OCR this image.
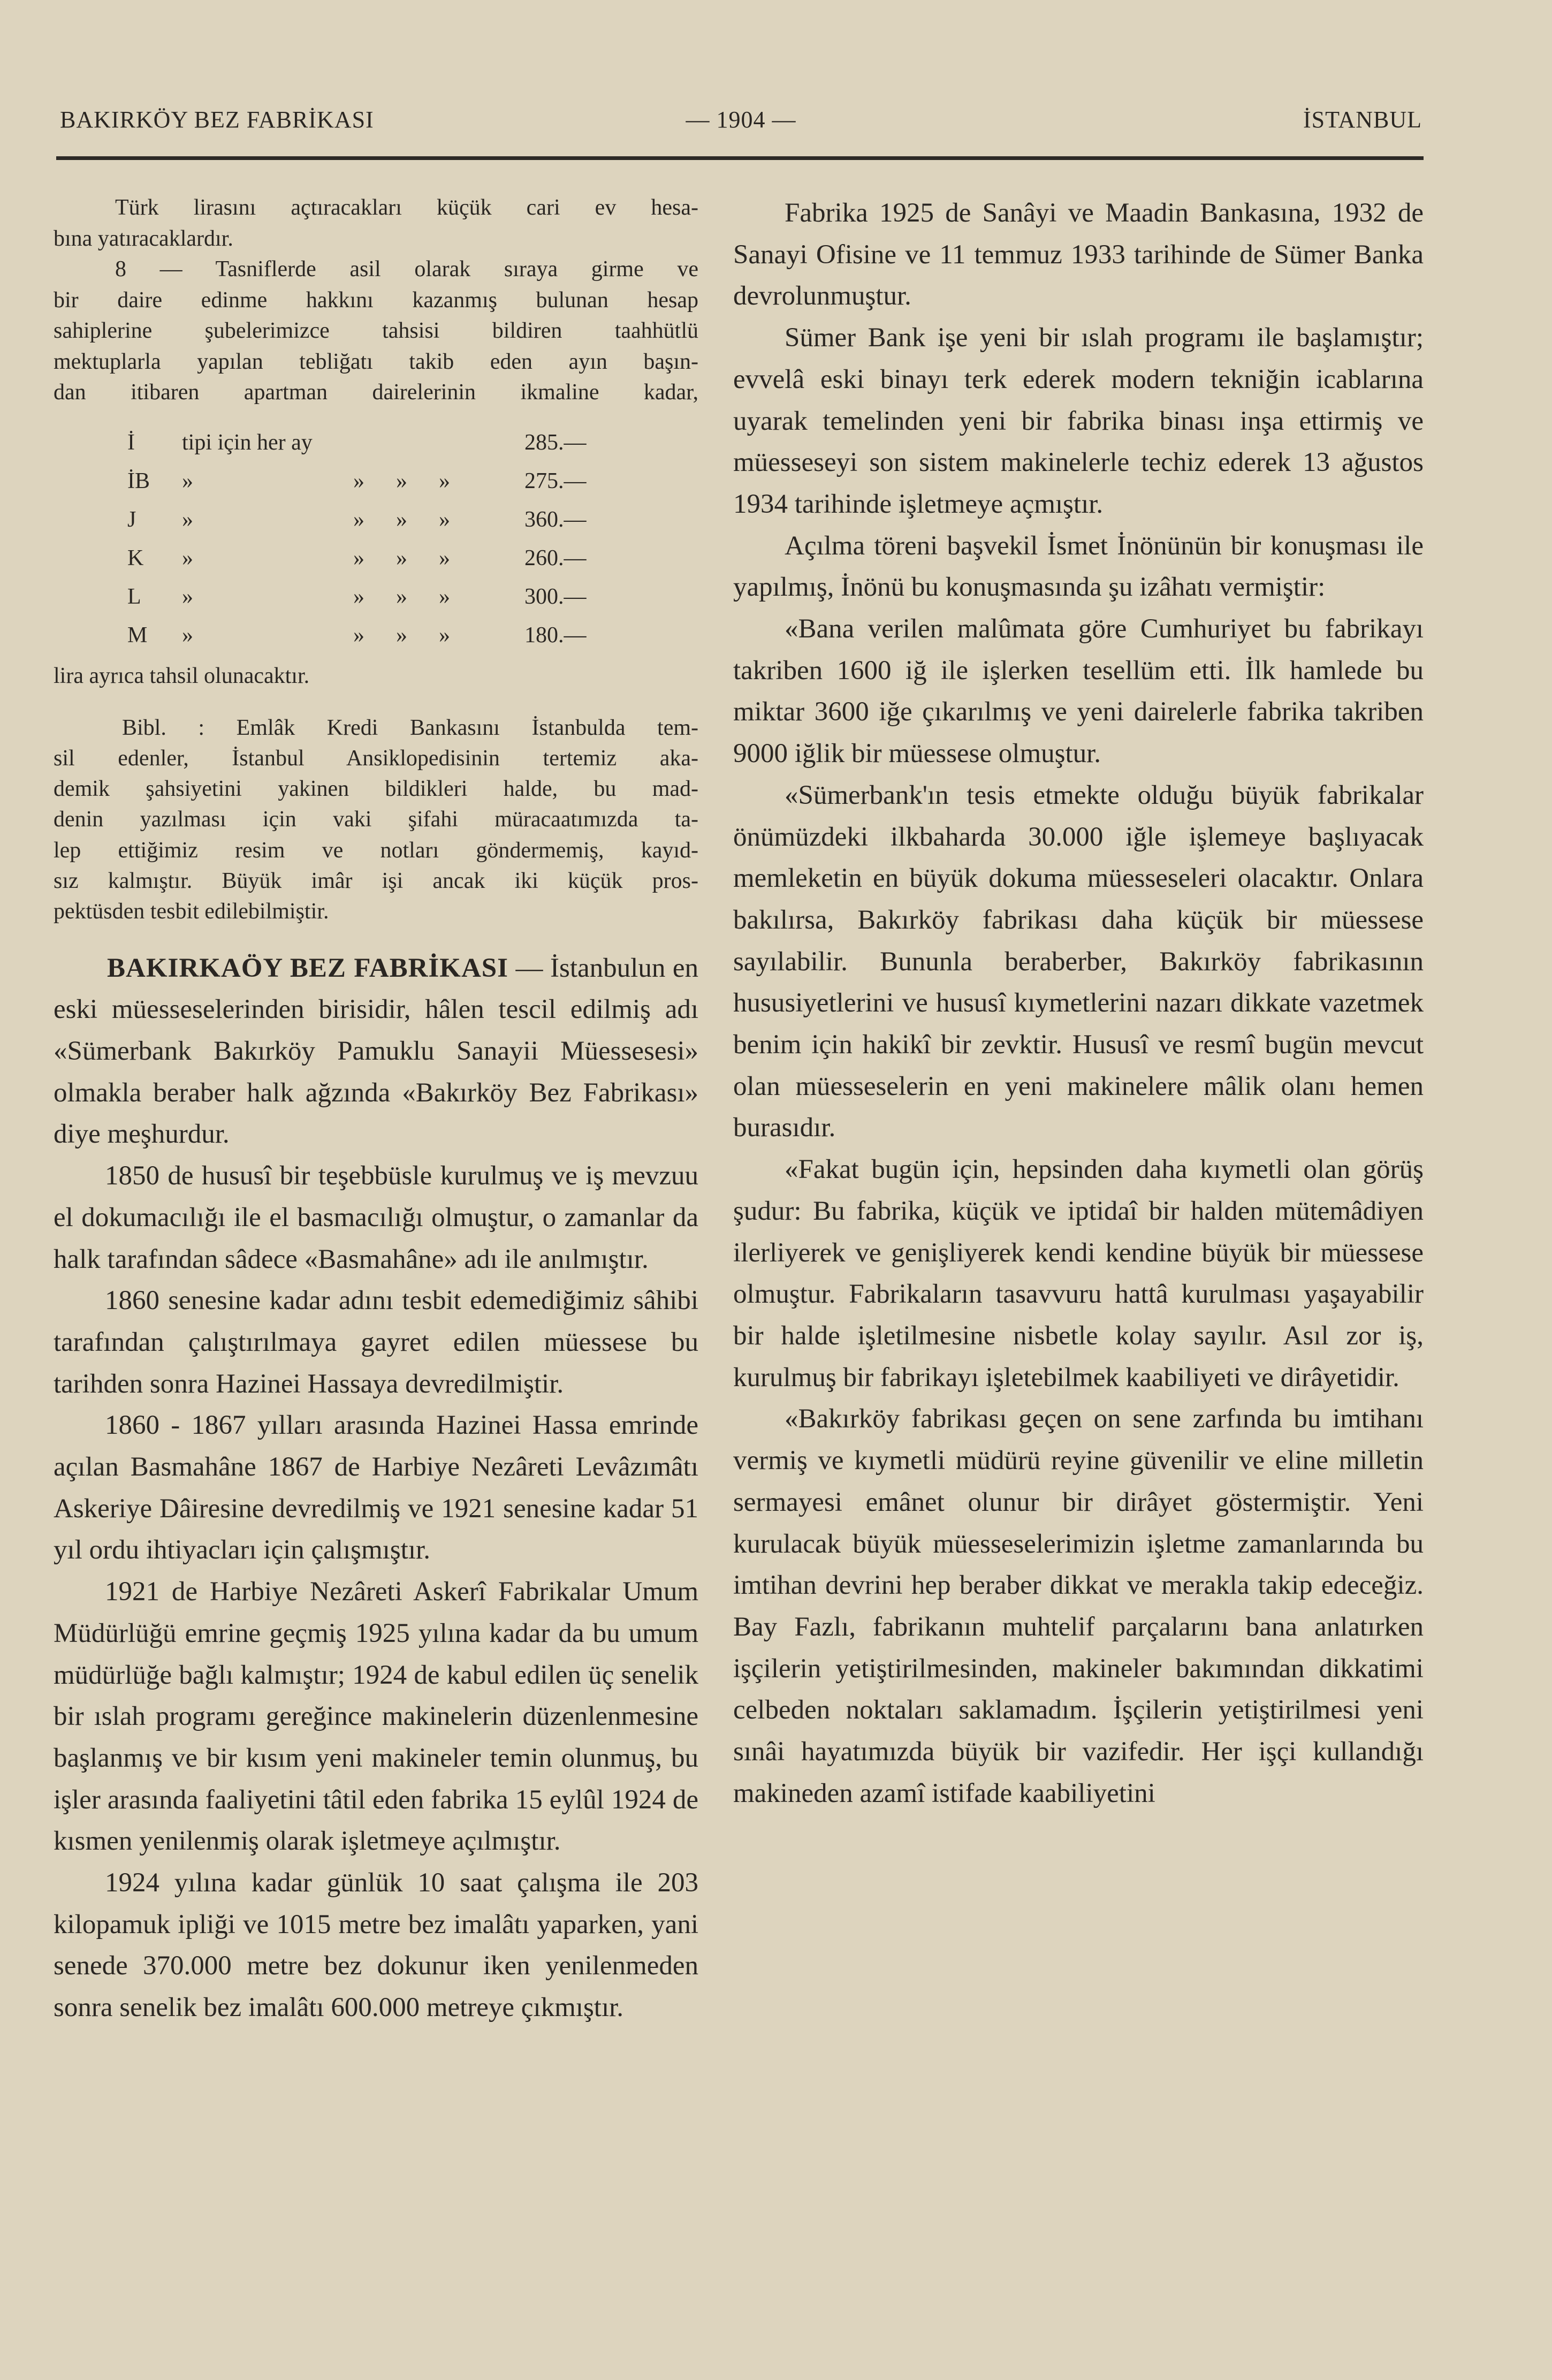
BAKIRKÖY BEZ FABRİKASI	— 1904 —	İSTANBUL

Türk lirasını açtıracakları küçük cari ev hesa-

bına yatıracaklardır.

8 — Tasniflerde asil olarak sıraya girme ve

bir daire edinme hakkını kazanmış bulunan hesap

sahiplerine şubelerimizce tahsisi bildiren taahhütlü

mektuplarla yapılan tebliğatı takib eden ayın başın-

dan itibaren apartman dairelerinin ikmaline kadar,

İ tipi için her ay	285.—
İB »	» » »	275.—
J »	» » »	360.—
K »	» » »	260.—
L »	» » »	300.—
M »	» » »	180.—

lira ayrıca tahsil olunacaktır.

Bibl. : Emlâk Kredi Bankasını İstanbulda tem-

sil edenler, İstanbul Ansiklopedisinin tertemiz aka-

demik şahsiyetini yakinen bildikleri halde, bu mad-

denin yazılması için vaki şifahi müracaatımızda ta-

lep ettiğimiz resim ve notları göndermemiş, kayıd-

sız kalmıştır. Büyük imâr işi ancak iki küçük pros-

pektüsden tesbit edilebilmiştir.

BAKIRKAÖY BEZ FABRİKASI — İstanbulun en eski müesseselerinden birisidir, hâlen tescil edilmiş adı «Sümerbank Bakırköy Pamuklu Sanayii Müessesesi» olmakla beraber halk ağzında «Bakırköy Bez Fabrikası» diye meşhurdur.

1850 de hususî bir teşebbüsle kurulmuş ve iş mevzuu el dokumacılığı ile el basmacılığı olmuştur, o zamanlar da halk tarafından sâdece «Basmahâne» adı ile anılmıştır.

1860 senesine kadar adını tesbit edemediğimiz sâhibi tarafından çalıştırılmaya gayret edilen müessese bu tarihden sonra Hazinei Hassaya devredilmiştir.

1860 - 1867 yılları arasında Hazinei Hassa emrinde açılan Basmahâne 1867 de Harbiye Nezâreti Levâzımâtı Askeriye Dâiresine devredilmiş ve 1921 senesine kadar 51 yıl ordu ihtiyacları için çalışmıştır.

1921 de Harbiye Nezâreti Askerî Fabrikalar Umum Müdürlüğü emrine geçmiş 1925 yılına kadar da bu umum müdürlüğe bağlı kalmıştır; 1924 de kabul edilen üç senelik bir ıslah programı gereğince makinelerin düzenlenmesine başlanmış ve bir kısım yeni makineler temin olunmuş, bu işler arasında faaliyetini tâtil eden fabrika 15 eylûl 1924 de kısmen yenilenmiş olarak işletmeye açılmıştır.

1924 yılına kadar günlük 10 saat çalışma ile 203 kilopamuk ipliği ve 1015 metre bez imalâtı yaparken, yani senede 370.000 metre bez dokunur iken yenilenmeden sonra senelik bez imalâtı 600.000 metreye çıkmıştır.

Fabrika 1925 de Sanâyi ve Maadin Bankasına, 1932 de Sanayi Ofisine ve 11 temmuz 1933 tarihinde de Sümer Banka devrolunmuştur.

Sümer Bank işe yeni bir ıslah programı ile başlamıştır; evvelâ eski binayı terk ederek modern tekniğin icablarına uyarak temelinden yeni bir fabrika binası inşa ettirmiş ve müesseseyi son sistem makinelerle techiz ederek 13 ağustos 1934 tarihinde işletmeye açmıştır.

Açılma töreni başvekil İsmet İnönünün bir konuşması ile yapılmış, İnönü bu konuşmasında şu izâhatı vermiştir:

«Bana verilen malûmata göre Cumhuriyet bu fabrikayı takriben 1600 iğ ile işlerken tesellüm etti. İlk hamlede bu miktar 3600 iğe çıkarılmış ve yeni dairelerle fabrika takriben 9000 iğlik bir müessese olmuştur.

«Sümerbank'ın tesis etmekte olduğu büyük fabrikalar önümüzdeki ilkbaharda 30.000 iğle işlemeye başlıyacak memleketin en büyük dokuma müesseseleri olacaktır. Onlara bakılırsa, Bakırköy fabrikası daha küçük bir müessese sayılabilir. Bununla beraberber, Bakırköy fabrikasının hususiyetlerini ve hususî kıymetlerini nazarı dikkate vazetmek benim için hakikî bir zevktir. Hususî ve resmî bugün mevcut olan müesseselerin en yeni makinelere mâlik olanı hemen burasıdır.

«Fakat bugün için, hepsinden daha kıymetli olan görüş şudur: Bu fabrika, küçük ve iptidaî bir halden mütemâdiyen ilerliyerek ve genişliyerek kendi kendine büyük bir müessese olmuştur. Fabrikaların tasavvuru hattâ kurulması yaşayabilir bir halde işletilmesine nisbetle kolay sayılır. Asıl zor iş, kurulmuş bir fabrikayı işletebilmek kaabiliyeti ve dirâyetidir.

«Bakırköy fabrikası geçen on sene zarfında bu imtihanı vermiş ve kıymetli müdürü reyine güvenilir ve eline milletin sermayesi emânet olunur bir dirâyet göstermiştir. Yeni kurulacak büyük müesseselerimizin işletme zamanlarında bu imtihan devrini hep beraber dikkat ve merakla takip edeceğiz. Bay Fazlı, fabrikanın muhtelif parçalarını bana anlatırken işçilerin yetiştirilmesinden, makineler bakımından dikkatimi celbeden noktaları saklamadım. İşçilerin yetiştirilmesi yeni sınâi hayatımızda büyük bir vazifedir. Her işçi kullandığı makineden azamî istifade kaabiliyetini
